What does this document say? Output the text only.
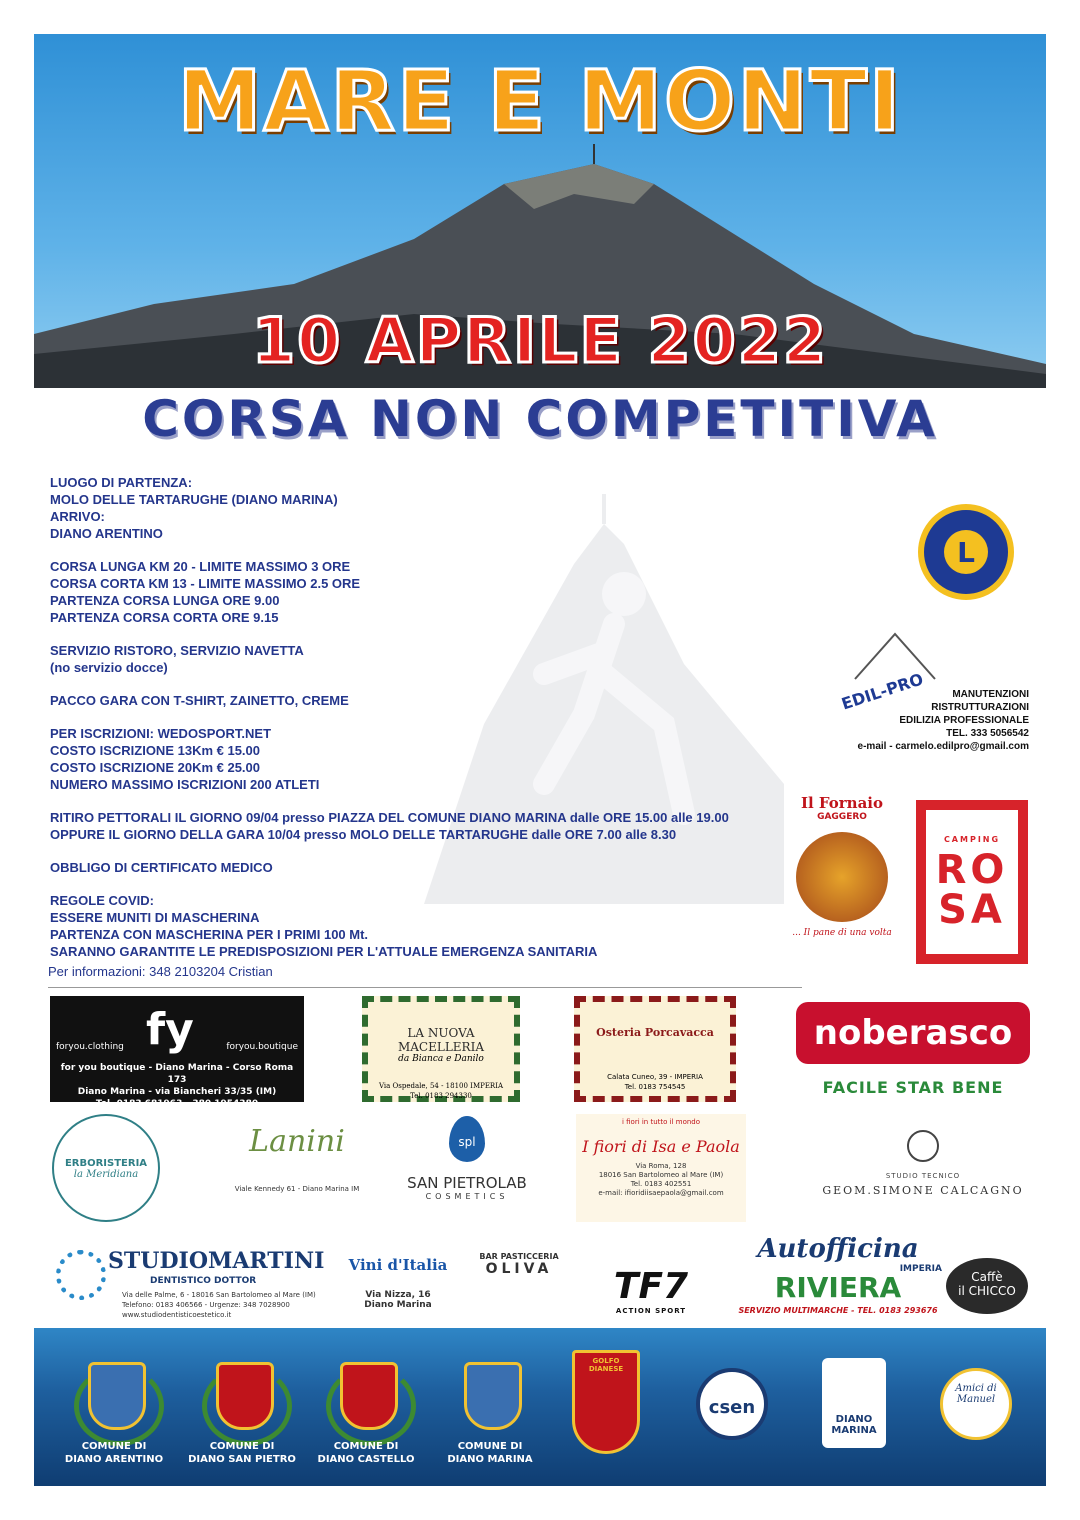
MARE E MONTI
10 APRILE 2022
CORSA NON COMPETITIVA

LUOGO DI PARTENZA:
MOLO DELLE TARTARUGHE (DIANO MARINA)
ARRIVO:
DIANO ARENTINO

CORSA LUNGA KM 20 - LIMITE MASSIMO 3 ORE
CORSA CORTA KM 13 - LIMITE MASSIMO 2.5 ORE
PARTENZA CORSA LUNGA ORE 9.00
PARTENZA CORSA CORTA ORE 9.15

SERVIZIO RISTORO, SERVIZIO NAVETTA
(no servizio docce)

PACCO GARA CON T-SHIRT, ZAINETTO, CREME

PER ISCRIZIONI: WEDOSPORT.NET
COSTO ISCRIZIONE 13Km € 15.00
COSTO ISCRIZIONE 20Km € 25.00
NUMERO MASSIMO ISCRIZIONI 200 ATLETI

RITIRO PETTORALI IL GIORNO 09/04 presso PIAZZA DEL COMUNE DIANO MARINA dalle ORE 15.00 alle 19.00
OPPURE IL GIORNO DELLA GARA 10/04 presso MOLO DELLE TARTARUGHE dalle ORE 7.00 alle 8.30

OBBLIGO DI CERTIFICATO MEDICO

REGOLE COVID:
ESSERE MUNITI DI MASCHERINA
PARTENZA CON MASCHERINA PER I PRIMI 100 Mt.
SARANNO GARANTITE LE PREDISPOSIZIONI PER L'ATTUALE EMERGENZA SANITARIA

Per informazioni: 348 2103204 Cristian
L
EDIL-PRO	MANUTENZIONI
RISTRUTTURAZIONI
EDILIZIA PROFESSIONALE
TEL. 333 5056542
e-mail - carmelo.edilpro@gmail.com
Il Fornaio
GAGGERO
... Il pane di una volta
CAMPING
RO
SA
fy
foryou.clothing	foryou.boutique
for you boutique - Diano Marina - Corso Roma 173
Diano Marina - via Biancheri 33/35 (IM)
Tel. 0183 681963 - 380 1954380
LA NUOVA MACELLERIA
da Bianca e Danilo
Via Ospedale, 54 - 18100 IMPERIA
Tel. 0183 294330
Osteria Porcavacca
Calata Cuneo, 39 - IMPERIA
Tel. 0183 754545
noberasco
FACILE STAR BENE
ERBORISTERIA
la Meridiana
Lanini
Viale Kennedy 61 - Diano Marina IM
spl
SAN PIETROLAB
COSMETICS
i fiori in tutto il mondo
I fiori di Isa e Paola
Via Roma, 128
18016 San Bartolomeo al Mare (IM)
Tel. 0183 402551
e-mail: ifioridiisaepaola@gmail.com
STUDIO TECNICO
GEOM.SIMONE CALCAGNO
STUDIOMARTINI
DENTISTICO DOTTOR
Via delle Palme, 6 - 18016 San Bartolomeo al Mare (IM)
Telefono: 0183 406566 - Urgenze: 348 7028900
www.studiodentisticoestetico.it
Vini d'Italia
Via Nizza, 16
Diano Marina
BAR PASTICCERIA
OLIVA	TF7
ACTION SPORT
Autofficina
IMPERIA
RIVIERA
SERVIZIO MULTIMARCHE - TEL. 0183 293676
Caffè
il CHICCO
COMUNE DI
DIANO ARENTINO
COMUNE DI
DIANO SAN PIETRO
COMUNE DI
DIANO CASTELLO
COMUNE DI
DIANO MARINA
GOLFO DIANESE
csen
DIANO MARINA
Amici di Manuel
